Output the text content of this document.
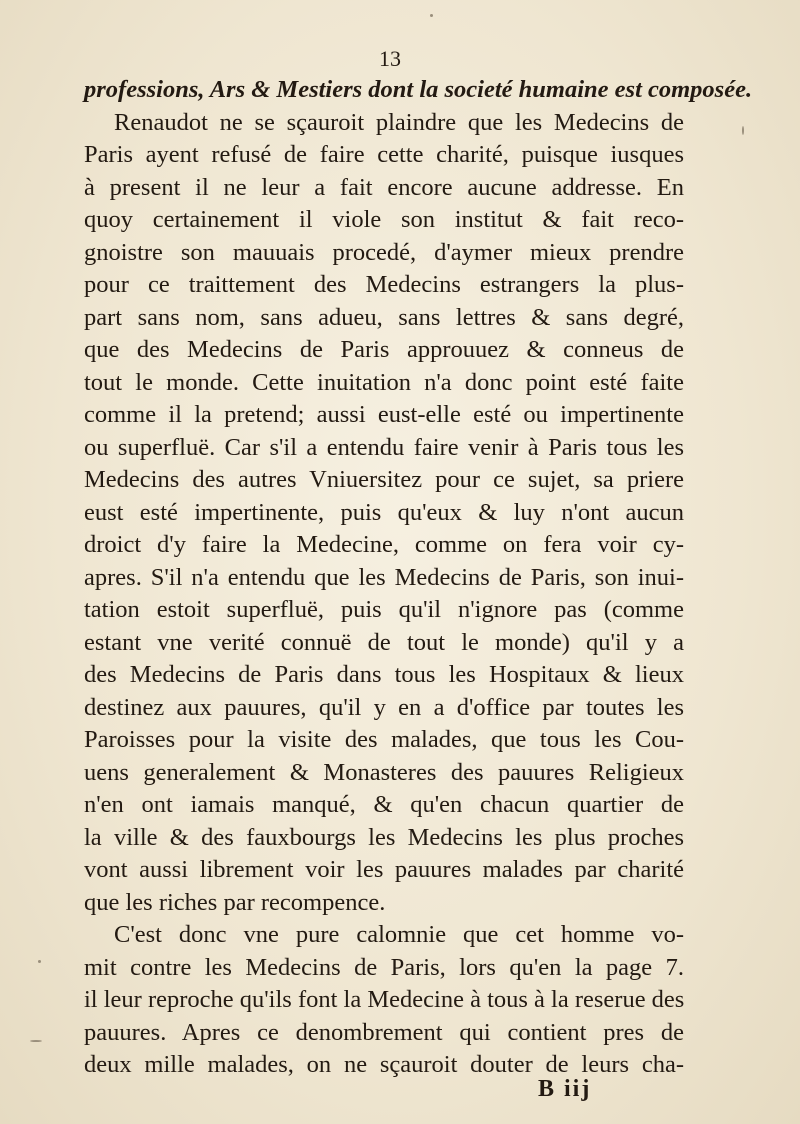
13
professions, Ars & Mestiers dont la societé humaine est composée.
Renaudot ne se sçauroit plaindre que les Medecins de
Paris ayent refusé de faire cette charité, puisque iusques
à present il ne leur a fait encore aucune addresse. En
quoy certainement il viole son institut & fait reco-
gnoistre son mauuais procedé, d'aymer mieux prendre
pour ce traittement des Medecins estrangers la plus-
part sans nom, sans adueu, sans lettres & sans degré,
que des Medecins de Paris approuuez & conneus de
tout le monde. Cette inuitation n'a donc point esté faite
comme il la pretend; aussi eust-elle esté ou impertinente
ou superfluë. Car s'il a entendu faire venir à Paris tous les
Medecins des autres Vniuersitez pour ce sujet, sa priere
eust esté impertinente, puis qu'eux & luy n'ont aucun
droict d'y faire la Medecine, comme on fera voir cy-
apres. S'il n'a entendu que les Medecins de Paris, son inui-
tation estoit superfluë, puis qu'il n'ignore pas (comme
estant vne verité connuë de tout le monde) qu'il y a
des Medecins de Paris dans tous les Hospitaux & lieux
destinez aux pauures, qu'il y en a d'office par toutes les
Paroisses pour la visite des malades, que tous les Cou-
uens generalement & Monasteres des pauures Religieux
n'en ont iamais manqué, & qu'en chacun quartier de
la ville & des fauxbourgs les Medecins les plus proches
vont aussi librement voir les pauures malades par charité
que les riches par recompence.
C'est donc vne pure calomnie que cet homme vo-
mit contre les Medecins de Paris, lors qu'en la page 7.
il leur reproche qu'ils font la Medecine à tous à la reserue des
pauures. Apres ce denombrement qui contient pres de
deux mille malades, on ne sçauroit douter de leurs cha-
B iij
